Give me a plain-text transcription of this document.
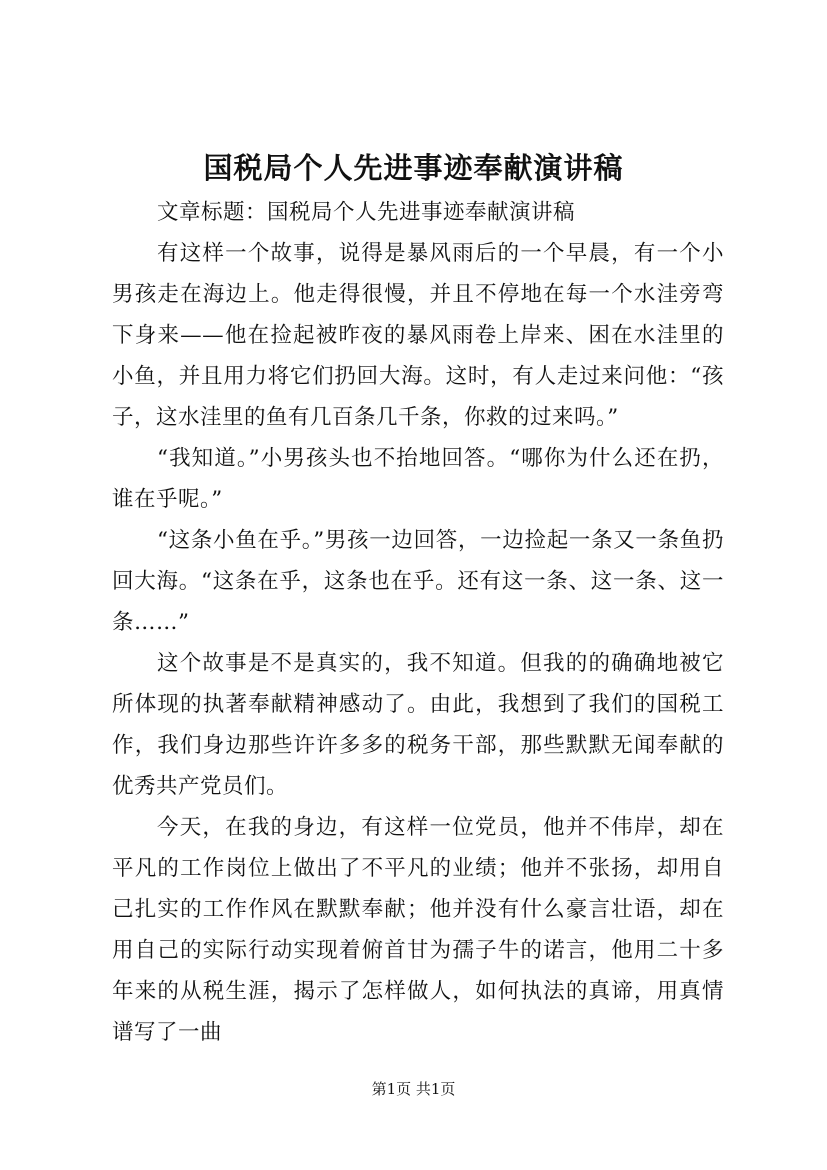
国税局个人先进事迹奉献演讲稿

文章标题：国税局个人先进事迹奉献演讲稿

有这样一个故事，说得是暴风雨后的一个早晨，有一个小男孩走在海边上。他走得很慢，并且不停地在每一个水洼旁弯下身来——他在捡起被昨夜的暴风雨卷上岸来、困在水洼里的小鱼，并且用力将它们扔回大海。这时，有人走过来问他：“孩子，这水洼里的鱼有几百条几千条，你救的过来吗。”

“我知道。”小男孩头也不抬地回答。“哪你为什么还在扔，谁在乎呢。”

“这条小鱼在乎。”男孩一边回答，一边捡起一条又一条鱼扔回大海。“这条在乎，这条也在乎。还有这一条、这一条、这一条……”

这个故事是不是真实的，我不知道。但我的的确确地被它所体现的执著奉献精神感动了。由此，我想到了我们的国税工作，我们身边那些许许多多的税务干部，那些默默无闻奉献的优秀共产党员们。

今天，在我的身边，有这样一位党员，他并不伟岸，却在平凡的工作岗位上做出了不平凡的业绩；他并不张扬，却用自己扎实的工作作风在默默奉献；他并没有什么豪言壮语，却在用自己的实际行动实现着俯首甘为孺子牛的诺言，他用二十多年来的从税生涯，揭示了怎样做人，如何执法的真谛，用真情谱写了一曲

第1页 共1页
